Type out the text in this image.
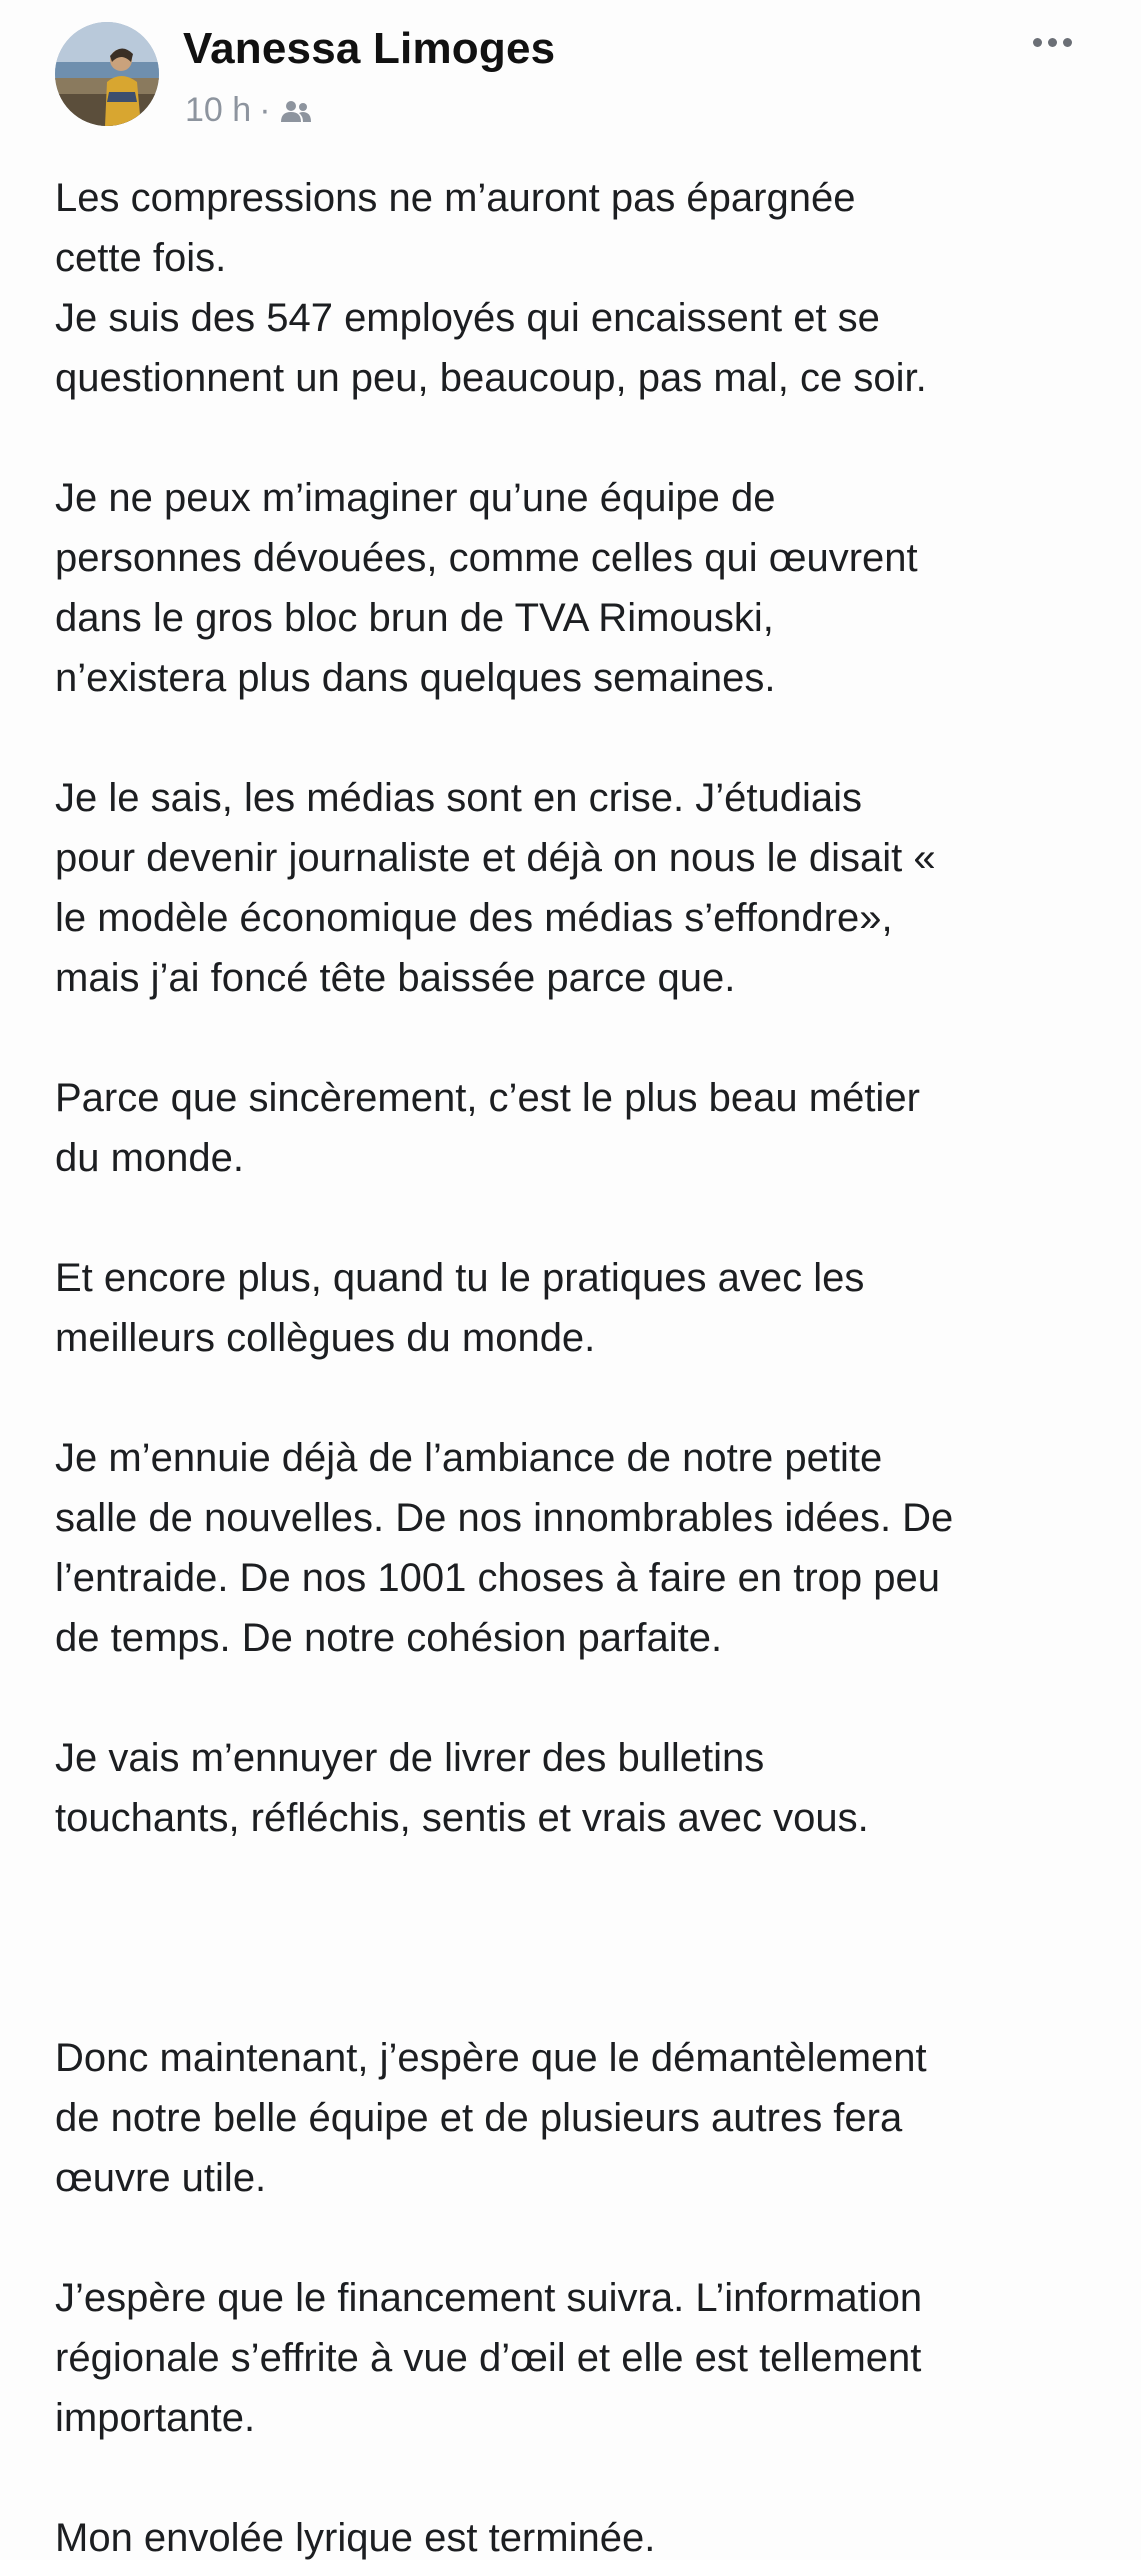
Vanessa Limoges
10 h ·

Les compressions ne m’auront pas épargnée
cette fois.
Je suis des 547 employés qui encaissent et se
questionnent un peu, beaucoup, pas mal, ce soir.

Je ne peux m’imaginer qu’une équipe de
personnes dévouées, comme celles qui œuvrent
dans le gros bloc brun de TVA Rimouski,
n’existera plus dans quelques semaines.

Je le sais, les médias sont en crise. J’étudiais
pour devenir journaliste et déjà on nous le disait «
le modèle économique des médias s’effondre»,
mais j’ai foncé tête baissée parce que.

Parce que sincèrement, c’est le plus beau métier
du monde.

Et encore plus, quand tu le pratiques avec les
meilleurs collègues du monde.

Je m’ennuie déjà de l’ambiance de notre petite
salle de nouvelles. De nos innombrables idées. De
l’entraide. De nos 1001 choses à faire en trop peu
de temps. De notre cohésion parfaite.

Je vais m’ennuyer de livrer des bulletins
touchants, réfléchis, sentis et vrais avec vous.

Donc maintenant, j’espère que le démantèlement
de notre belle équipe et de plusieurs autres fera
œuvre utile.

J’espère que le financement suivra. L’information
régionale s’effrite à vue d’œil et elle est tellement
importante.

Mon envolée lyrique est terminée.
